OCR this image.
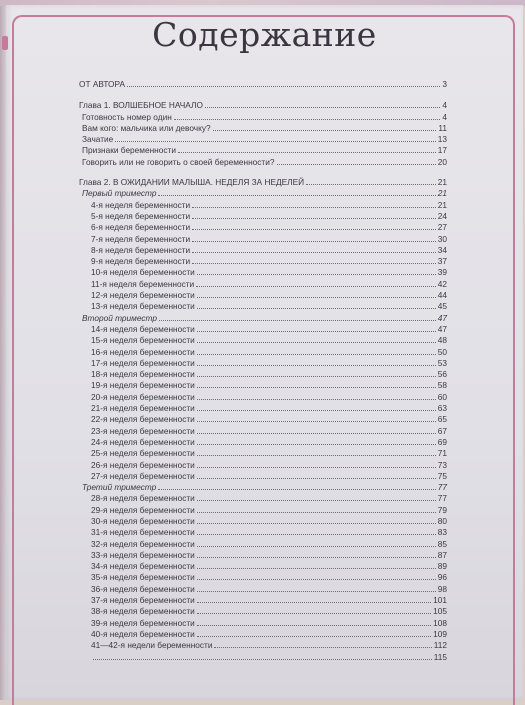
Содержание
ОТ АВТОРА	3
Глава 1. ВОЛШЕБНОЕ НАЧАЛО	4
Готовность номер один	4
Вам кого: мальчика или девочку?	11
Зачатие	13
Признаки беременности	17
Говорить или не говорить о своей беременности?	20
Глава 2. В ОЖИДАНИИ МАЛЫША. НЕДЕЛЯ ЗА НЕДЕЛЕЙ	21
Первый триместр	21
4-я неделя беременности	21
5-я неделя беременности	24
6-я неделя беременности	27
7-я неделя беременности	30
8-я неделя беременности	34
9-я неделя беременности	37
10-я неделя беременности	39
11-я неделя беременности	42
12-я неделя беременности	44
13-я неделя беременности	45
Второй триместр	47
14-я неделя беременности	47
15-я неделя беременности	48
16-я неделя беременности	50
17-я неделя беременности	53
18-я неделя беременности	56
19-я неделя беременности	58
20-я неделя беременности	60
21-я неделя беременности	63
22-я неделя беременности	65
23-я неделя беременности	67
24-я неделя беременности	69
25-я неделя беременности	71
26-я неделя беременности	73
27-я неделя беременности	75
Третий триместр	77
28-я неделя беременности	77
29-я неделя беременности	79
30-я неделя беременности	80
31-я неделя беременности	83
32-я неделя беременности	85
33-я неделя беременности	87
34-я неделя беременности	89
35-я неделя беременности	96
36-я неделя беременности	98
37-я неделя беременности	101
38-я неделя беременности	105
39-я неделя беременности	108
40-я неделя беременности	109
41—42-я недели беременности	112
115
